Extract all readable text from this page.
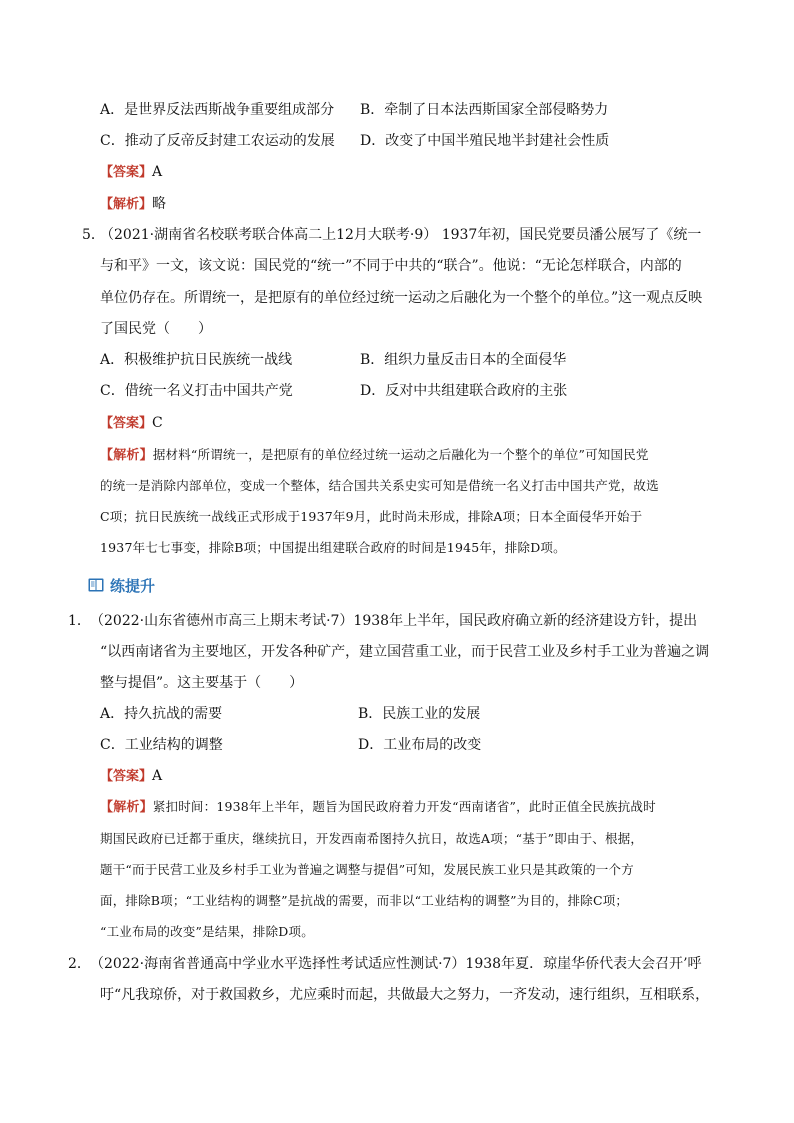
A．是世界反法西斯战争重要组成部分 B．牵制了日本法西斯国家全部侵略势力
C．推动了反帝反封建工农运动的发展 D．改变了中国半殖民地半封建社会性质
【答案】A
【解析】略
5．
（2021·湖南省名校联考联合体高二上12月大联考·9） 1937年初，国民党要员潘公展写了《统一
与和平》一文，该文说：国民党的“统一”不同于中共的“联合”。他说：“无论怎样联合，内部的
单位仍存在。所谓统一，是把原有的单位经过统一运动之后融化为一个整个的单位。”这一观点反映
了国民党（　　）
A．积极维护抗日民族统一战线	B．组织力量反击日本的全面侵华
C．借统一名义打击中国共产党	D．反对中共组建联合政府的主张
【答案】C
【解析】据材料“所谓统一，是把原有的单位经过统一运动之后融化为一个整个的单位”可知国民党
的统一是消除内部单位，变成一个整体，结合国共关系史实可知是借统一名义打击中国共产党，故选
C项；抗日民族统一战线正式形成于1937年9月，此时尚未形成，排除A项；日本全面侵华开始于
1937年七七事变，排除B项；中国提出组建联合政府的时间是1945年，排除D项。
练提升
1． （2022·山东省德州市高三上期末考试·7）1938年上半年，国民政府确立新的经济建设方针，提出
“以西南诸省为主要地区，开发各种矿产，建立国营重工业，而于民营工业及乡村手工业为普遍之调
整与提倡”。这主要基于（　　）
A．持久抗战的需要	B．民族工业的发展
C．工业结构的调整	D．工业布局的改变
【答案】A
【解析】紧扣时间：1938年上半年，题旨为国民政府着力开发“西南诸省”，此时正值全民族抗战时
期国民政府已迁都于重庆，继续抗日，开发西南希图持久抗日，故选A项；“基于”即由于、根据，
题干“而于民营工业及乡村手工业为普遍之调整与提倡”可知，发展民族工业只是其政策的一个方
面，排除B项；“工业结构的调整”是抗战的需要，而非以“工业结构的调整”为目的，排除C项；
“工业布局的改变”是结果，排除D项。
2． （2022·海南省普通高中学业水平选择性考试适应性测试·7）1938年夏．琼崖华侨代表大会召开’呼
吁“凡我琼侨，对于救国救乡，尤应乘时而起，共做最大之努力，一齐发动，速行组织，互相联系，
